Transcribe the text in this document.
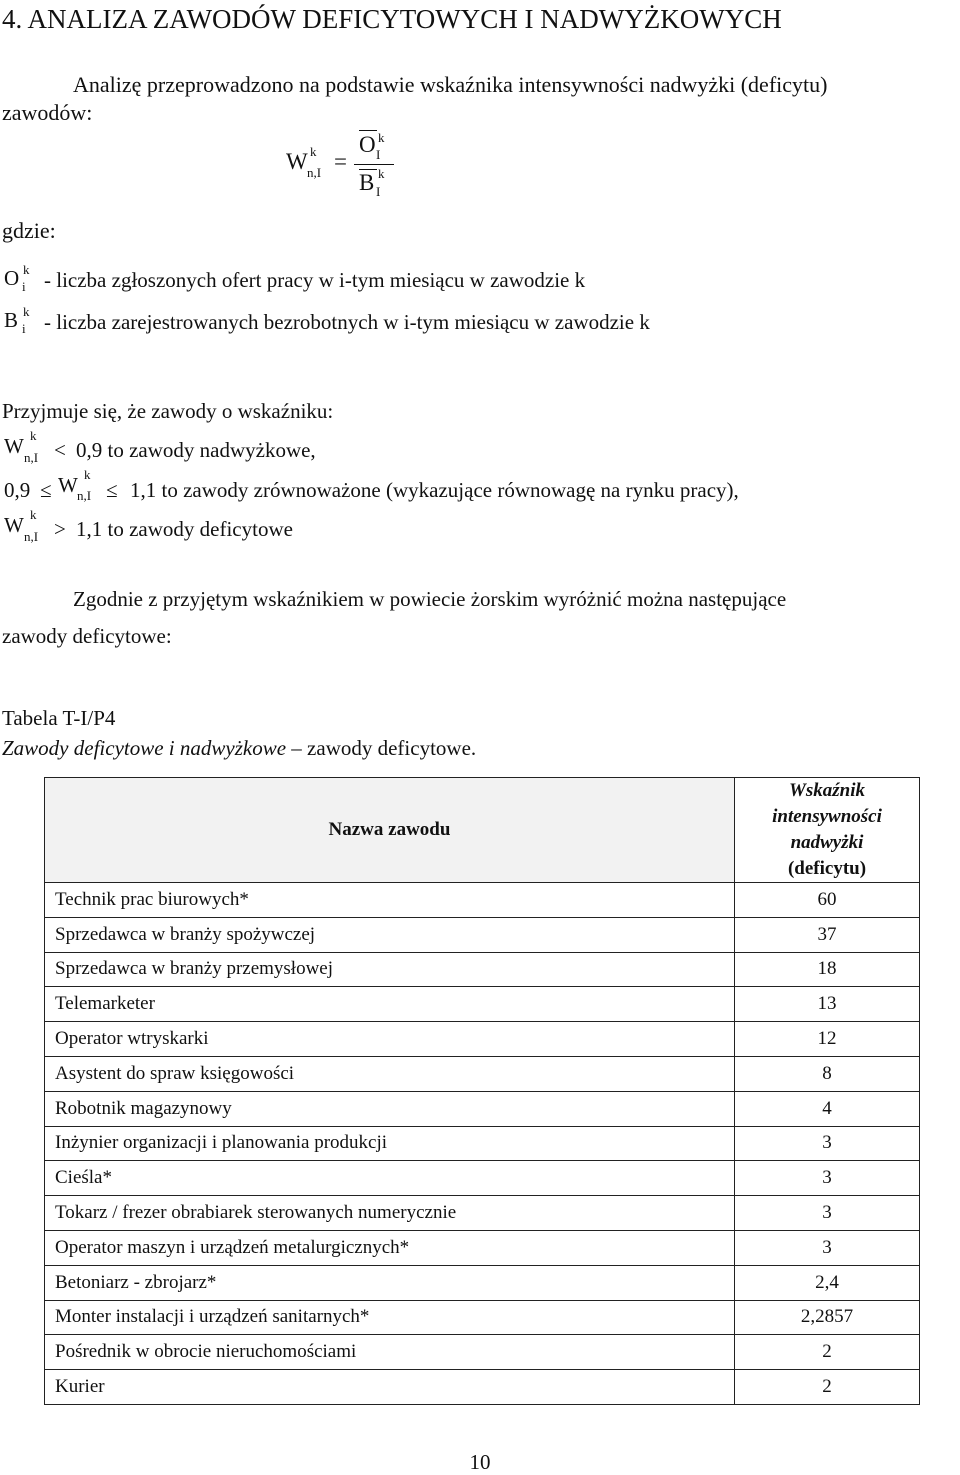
4. ANALIZA ZAWODÓW DEFICYTOWYCH I NADWYŻKOWYCH
Analizę przeprowadzono na podstawie wskaźnika intensywności nadwyżki (deficytu)
zawodów:
W k
n,I =
O k
I
B k
I
gdzie:
O k
i - liczba zgłoszonych ofert pracy w i-tym miesiącu w zawodzie k
B k
i - liczba zarejestrowanych bezrobotnych w i-tym miesiącu w zawodzie k
Przyjmuje się, że zawody o wskaźniku:
W k
n,I < 0,9 to zawody nadwyżkowe,
0,9 ≤ W k
n,I ≤ 1,1 to zawody zrównoważone (wykazujące równowagę na rynku pracy),
W k
n,I > 1,1 to zawody deficytowe
Zgodnie z przyjętym wskaźnikiem w powiecie żorskim wyróżnić można następujące
zawody deficytowe:
Tabela T-I/P4
Zawody deficytowe i nadwyżkowe – zawody deficytowe.
Nazwa zawodu	Wskaźnik intensywności nadwyżki
(deficytu)

Technik prac biurowych*	60
Sprzedawca w branży spożywczej	37
Sprzedawca w branży przemysłowej	18
Telemarketer	13
Operator wtryskarki	12
Asystent do spraw księgowości	8
Robotnik magazynowy	4
Inżynier organizacji i planowania produkcji	3
Cieśla*	3
Tokarz / frezer obrabiarek sterowanych numerycznie	3
Operator maszyn i urządzeń metalurgicznych*	3
Betoniarz - zbrojarz*	2,4
Monter instalacji i urządzeń sanitarnych*	2,2857
Pośrednik w obrocie nieruchomościami	2
Kurier	2
10
